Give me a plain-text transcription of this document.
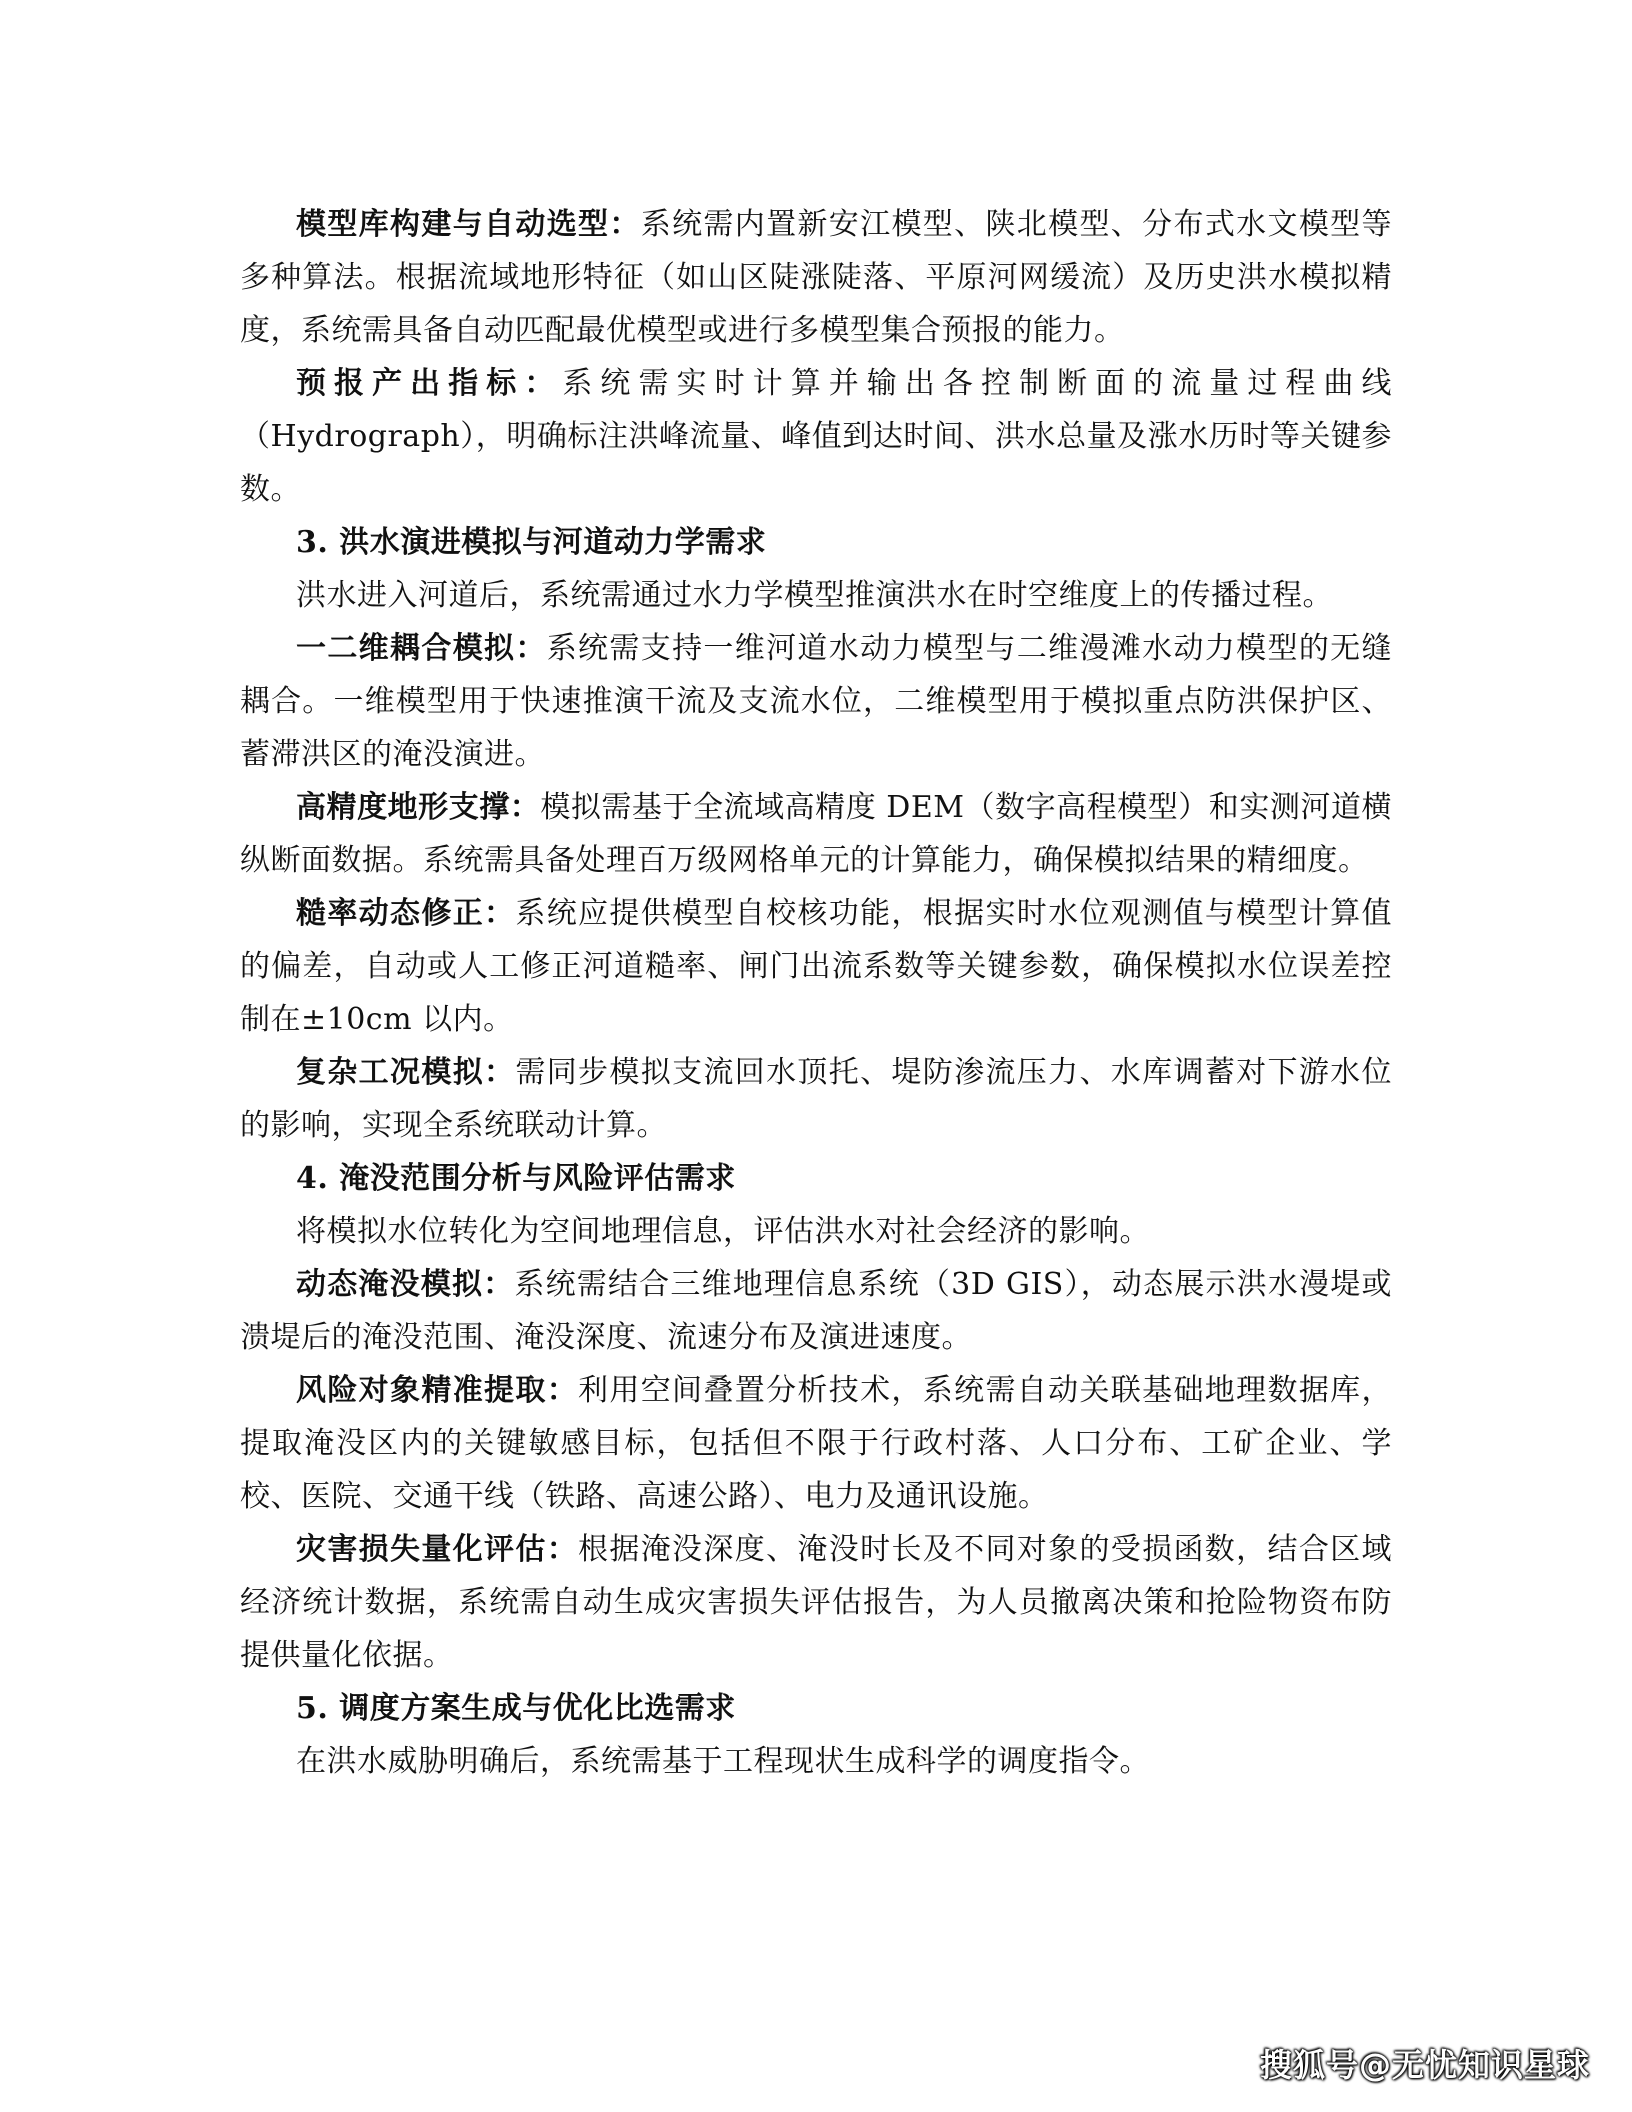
模型库构建与自动选型：系统需内置新安江模型、陕北模型、分布式水文模型等多种算法。根据流域地形特征（如山区陡涨陡落、平原河网缓流）及历史洪水模拟精度，系统需具备自动匹配最优模型或进行多模型集合预报的能力。

预报产出指标：系统需实时计算并输出各控制断面的流量过程曲线（Hydrograph），明确标注洪峰流量、峰值到达时间、洪水总量及涨水历时等关键参数。

3. 洪水演进模拟与河道动力学需求

洪水进入河道后，系统需通过水力学模型推演洪水在时空维度上的传播过程。

一二维耦合模拟：系统需支持一维河道水动力模型与二维漫滩水动力模型的无缝耦合。一维模型用于快速推演干流及支流水位，二维模型用于模拟重点防洪保护区、蓄滞洪区的淹没演进。

高精度地形支撑：模拟需基于全流域高精度 DEM（数字高程模型）和实测河道横纵断面数据。系统需具备处理百万级网格单元的计算能力，确保模拟结果的精细度。

糙率动态修正：系统应提供模型自校核功能，根据实时水位观测值与模型计算值的偏差，自动或人工修正河道糙率、闸门出流系数等关键参数，确保模拟水位误差控制在±10cm 以内。

复杂工况模拟：需同步模拟支流回水顶托、堤防渗流压力、水库调蓄对下游水位的影响，实现全系统联动计算。

4. 淹没范围分析与风险评估需求

将模拟水位转化为空间地理信息，评估洪水对社会经济的影响。

动态淹没模拟：系统需结合三维地理信息系统（3D GIS），动态展示洪水漫堤或溃堤后的淹没范围、淹没深度、流速分布及演进速度。

风险对象精准提取：利用空间叠置分析技术，系统需自动关联基础地理数据库，提取淹没区内的关键敏感目标，包括但不限于行政村落、人口分布、工矿企业、学校、医院、交通干线（铁路、高速公路）、电力及通讯设施。

灾害损失量化评估：根据淹没深度、淹没时长及不同对象的受损函数，结合区域经济统计数据，系统需自动生成灾害损失评估报告，为人员撤离决策和抢险物资布防提供量化依据。

5. 调度方案生成与优化比选需求

在洪水威胁明确后，系统需基于工程现状生成科学的调度指令。

搜狐号@无忧知识星球
